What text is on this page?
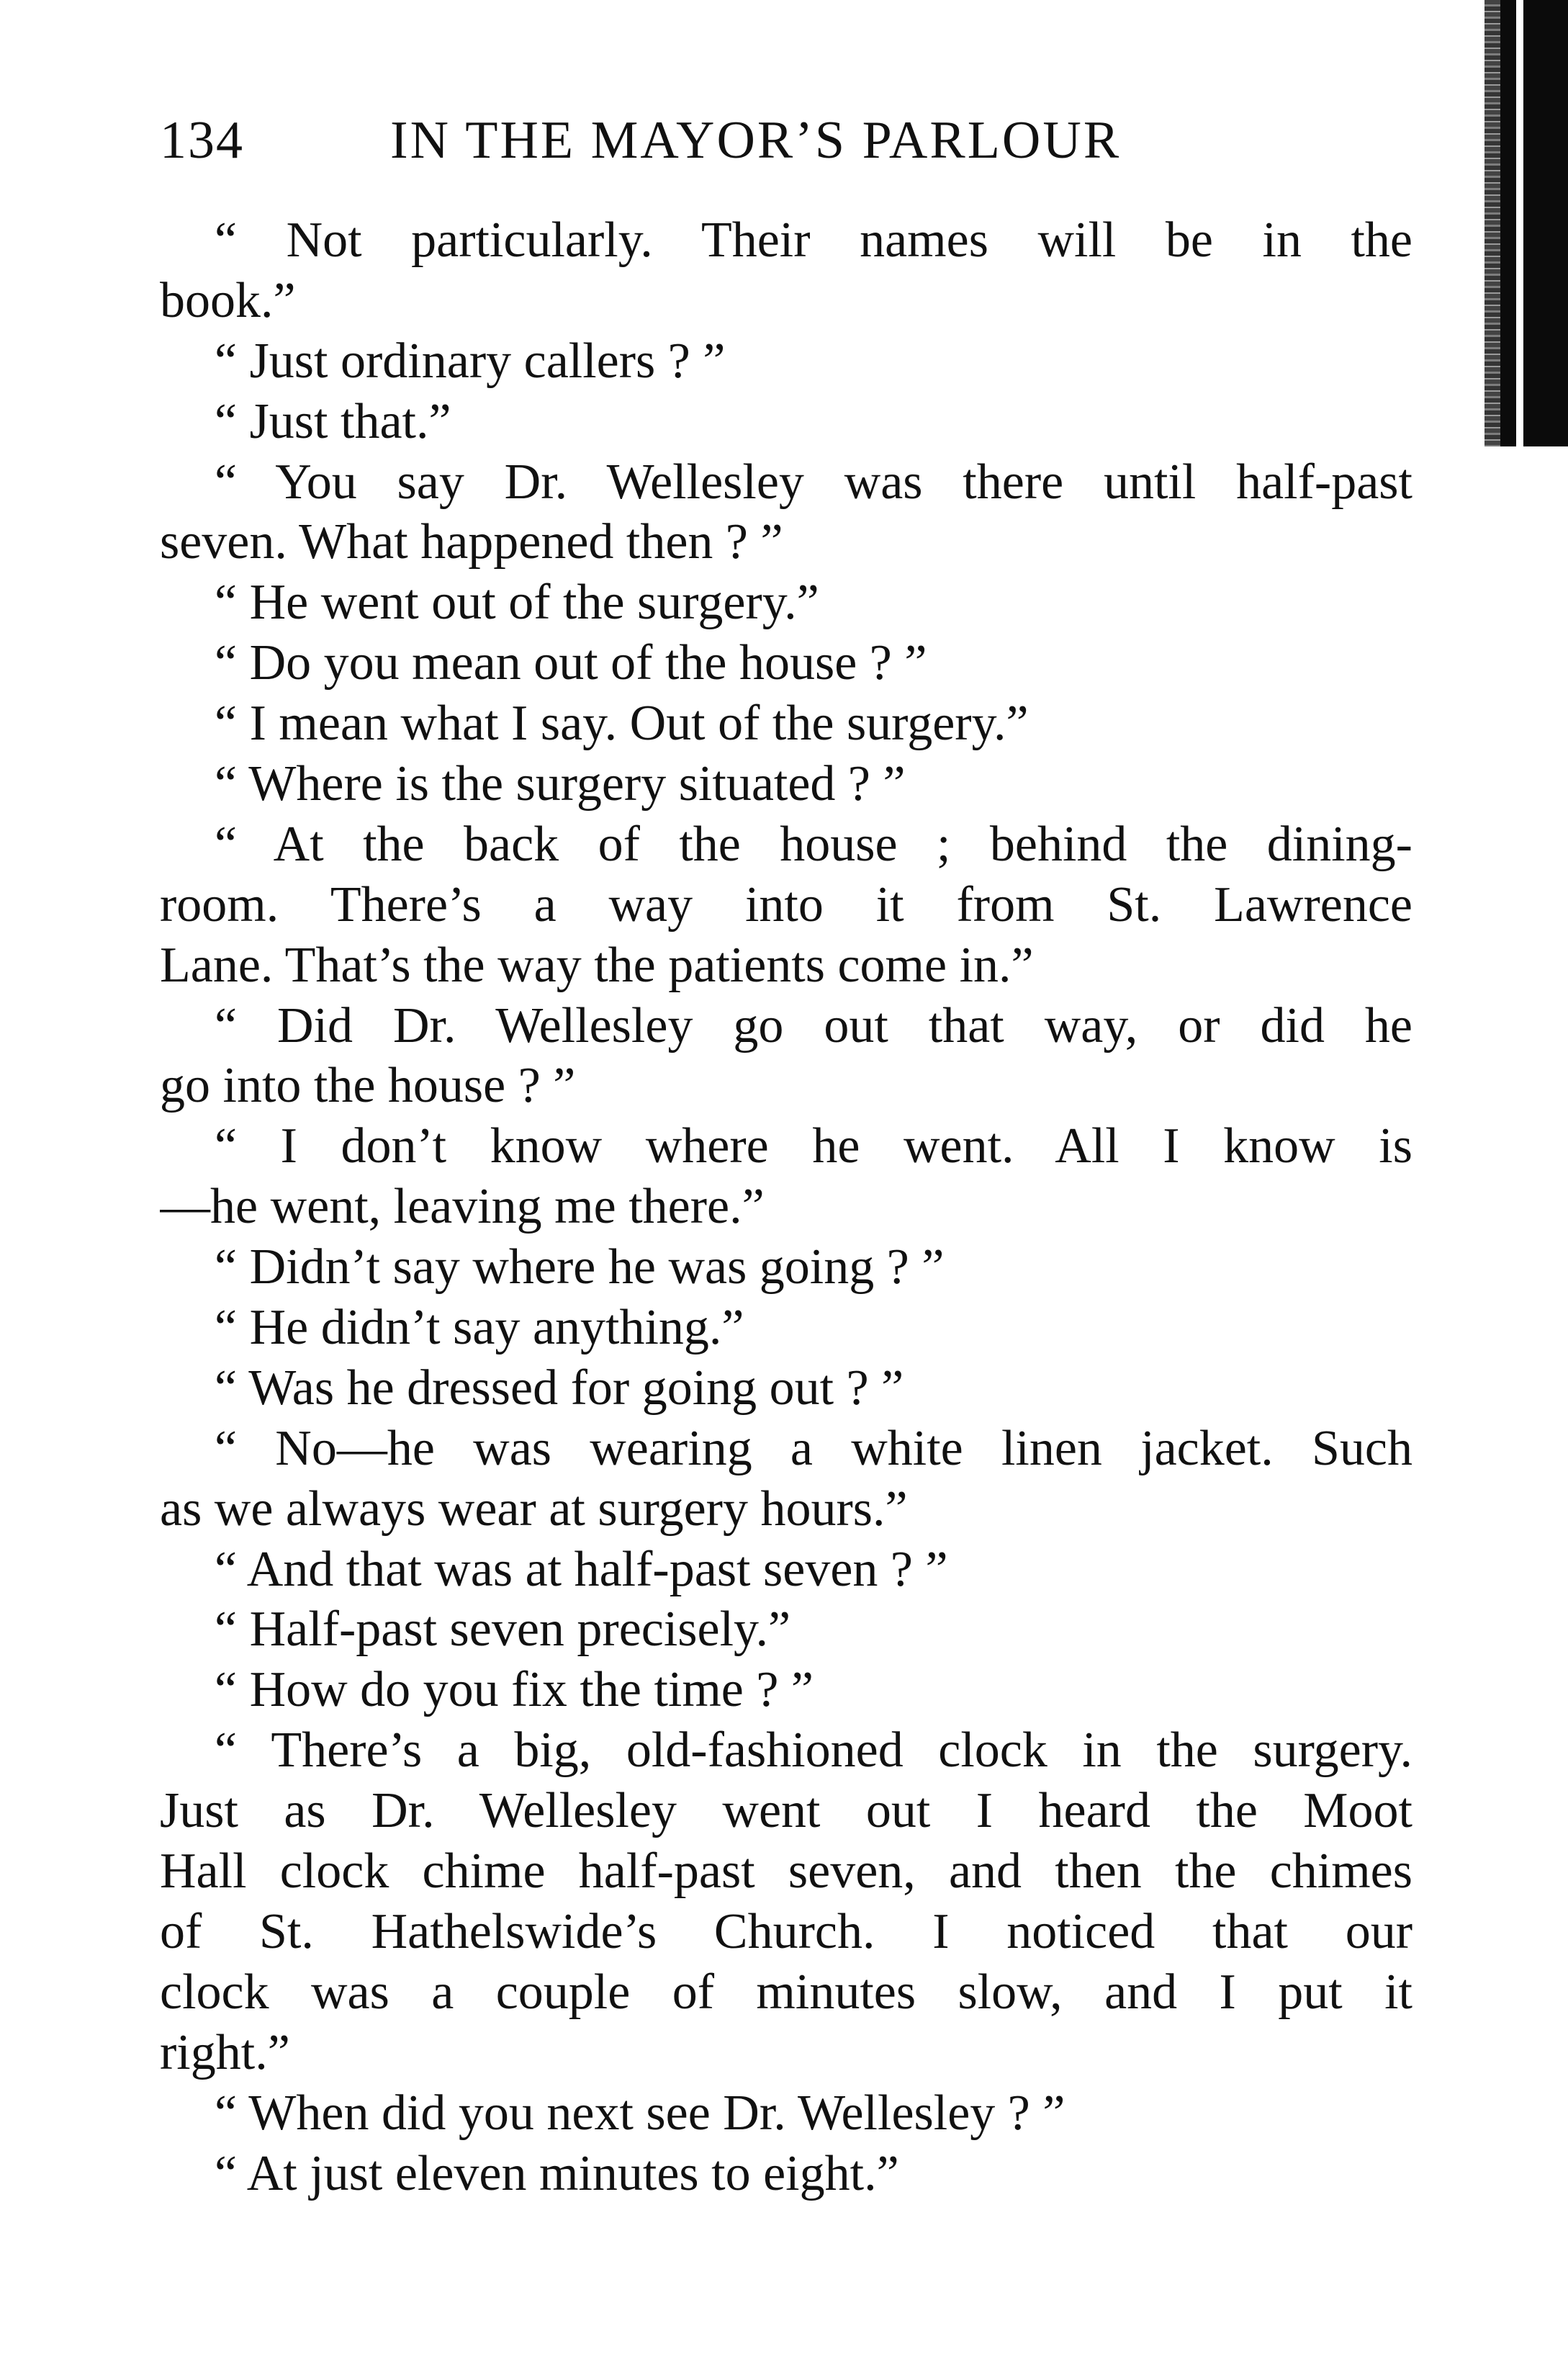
134	IN THE MAYOR’S PARLOUR
“ Not particularly. Their names will be in the
book.”
“ Just ordinary callers ? ”
“ Just that.”
“ You say Dr. Wellesley was there until half-past
seven. What happened then ? ”
“ He went out of the surgery.”
“ Do you mean out of the house ? ”
“ I mean what I say. Out of the surgery.”
“ Where is the surgery situated ? ”
“ At the back of the house ; behind the dining-
room. There’s a way into it from St. Lawrence
Lane. That’s the way the patients come in.”
“ Did Dr. Wellesley go out that way, or did he
go into the house ? ”
“ I don’t know where he went. All I know is
—he went, leaving me there.”
“ Didn’t say where he was going ? ”
“ He didn’t say anything.”
“ Was he dressed for going out ? ”
“ No—he was wearing a white linen jacket. Such
as we always wear at surgery hours.”
“ And that was at half-past seven ? ”
“ Half-past seven precisely.”
“ How do you fix the time ? ”
“ There’s a big, old-fashioned clock in the surgery.
Just as Dr. Wellesley went out I heard the Moot
Hall clock chime half-past seven, and then the chimes
of St. Hathelswide’s Church. I noticed that our
clock was a couple of minutes slow, and I put it
right.”
“ When did you next see Dr. Wellesley ? ”
“ At just eleven minutes to eight.”
